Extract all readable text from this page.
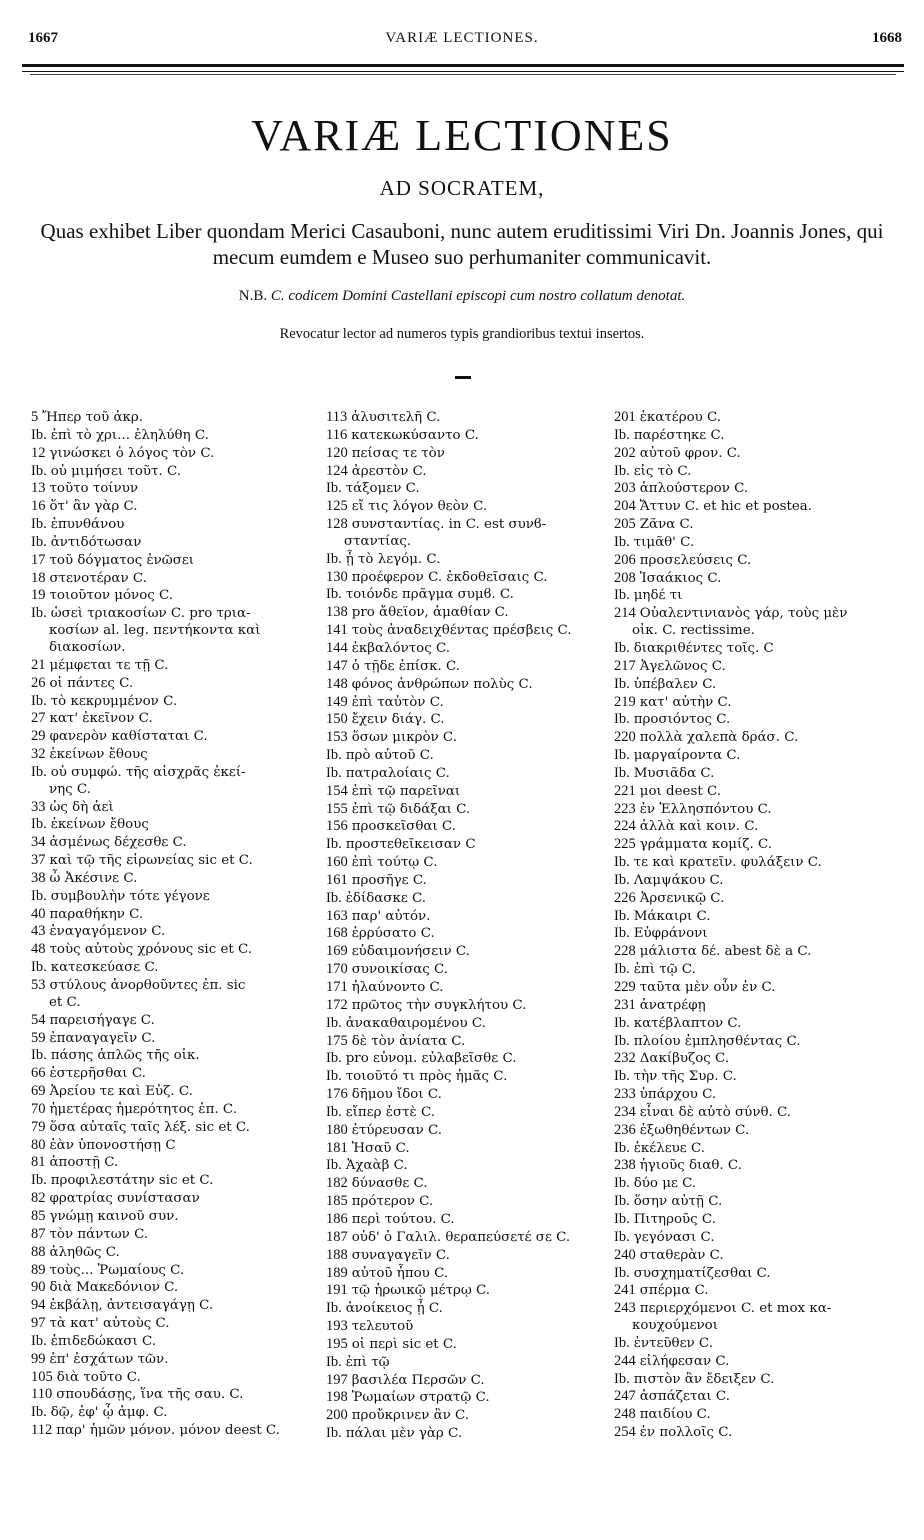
1667	VARIÆ LECTIONES.	1668
VARIÆ LECTIONES
AD SOCRATEM,
Quas exhibet Liber quondam Merici Casauboni, nunc autem eruditissimi Viri Dn. Joannis Jones, qui mecum eumdem e Museo suo perhumaniter communicavit.
N.B. C. codicem Domini Castellani episcopi cum nostro collatum denotat.
Revocatur lector ad numeros typis grandioribus textui insertos.
5 Ἤπερ τοῦ ἀκρ.
Ib. ἐπὶ τὸ χρι... ἐληλύθη C.
12 γινώσκει ὁ λόγος τὸν C.
Ib. οὐ μιμήσει τοῦτ. C.
13 τοῦτο τοίνυν
16 ὅτ' ἂν γὰρ C.
Ib. ἐπυνθάνου
Ib. ἀντιδότωσαν
17 τοῦ δόγματος ἑνῶσει
18 στενοτέραν C.
19 τοιοῦτον μόνος C.
Ib. ὡσεὶ τριακοσίων C. pro τρια-
κοσίων al. leg. πεντήκοντα καὶ
διακοσίων.
21 μέμφεται τε τῇ C.
26 οἱ πάντες C.
Ib. τὸ κεκρυμμένον C.
27 κατ' ἐκεῖνον C.
29 φανερὸν καθίσταται C.
32 ἐκείνων ἔθους
Ib. οὐ συμφώ. τῆς αἰσχρᾶς ἐκεί-
νης C.
33 ὡς δὴ ἀεὶ
Ib. ἐκείνων ἔθους
34 ἀσμένως δέχεσθε C.
37 καὶ τῷ τῆς εἰρωνείας sic et C.
38 ὦ Ἀκέσινε C.
Ib. συμβουλὴν τότε γέγονε
40 παραθήκην C.
43 ἐναγαγόμενον C.
48 τοὺς αὐτοὺς χρόνους sic et C.
Ib. κατεσκεύασε C.
53 στύλους ἀνορθοῦντες ἐπ. sic
et C.
54 παρεισήγαγε C.
59 ἐπαναγαγεῖν C.
Ib. πάσης ἁπλῶς τῆς οἰκ.
66 ἐστερῆσθαι C.
69 Ἀρείου τε καὶ Εὐζ. C.
70 ἡμετέρας ἡμερότητος ἐπ. C.
79 ὅσα αὐταῖς ταῖς λέξ. sic et C.
80 ἐὰν ὑπονοστήσῃ C
81 ἀποστῇ C.
Ib. προφιλεστάτην sic et C.
82 φρατρίας συνίστασαν
85 γνώμῃ καινοῦ συν.
87 τὸν πάντων C.
88 ἀληθῶς C.
89 τοὺς... Ῥωμαίους C.
90 διὰ Μακεδόνιον C.
94 ἐκβάλῃ, ἀντεισαγάγῃ C.
97 τὰ κατ' αὐτοὺς C.
Ib. ἐπιδεδώκασι C.
99 ἐπ' ἐσχάτων τῶν.
105 διὰ τοῦτο C.
110 σπουδάσῃς, ἵνα τῆς σαυ. C.
Ib. δῷ, ἐφ' ᾧ ἀμφ. C.
112 παρ' ἡμῶν μόνον. μόνον deest C.
113 ἀλυσιτελῆ C.
116 κατεκωκύσαντο C.
120 πείσας τε τὸν
124 ἀρεστὸν C.
Ib. τάξομεν C.
125 εἴ τις λόγον θεὸν C.
128 συνσταντίας. in C. est συνϐ-
σταντίας.
Ib. ᾗ τὸ λεγόμ. C.
130 προέφερον C. ἐκδοθεῖσαις C.
Ib. τοιόνδε πρᾶγμα συμϐ. C.
138 pro ἄθεϊον, ἀμαθίαν C.
141 τοὺς ἀναδειχθέντας πρέσβεις C.
144 ἐκβαλόντος C.
147 ὁ τῇδε ἐπίσκ. C.
148 φόνος ἀνθρώπων πολὺς C.
149 ἐπὶ ταὐτὸν C.
150 ἔχειν διάγ. C.
153 ὅσων μικρὸν C.
Ib. πρὸ αὐτοῦ C.
Ib. πατραλοίαις C.
154 ἐπὶ τῷ παρεῖναι
155 ἐπὶ τῷ διδάξαι C.
156 προσκεῖσθαι C.
Ib. προστεθεῖκεισαν C
160 ἐπὶ τούτῳ C.
161 προσῆγε C.
Ib. ἐδίδασκε C.
163 παρ' αὐτόν.
168 ἐρρύσατο C.
169 εὐδαιμονήσειν C.
170 συνοικίσας C.
171 ἠλαύνοντο C.
172 πρῶτος τὴν συγκλήτου C.
Ib. ἀνακαθαιρομένου C.
175 δὲ τὸν ἀνίατα C.
Ib. pro εὐνομ. εὐλαβεῖσθε C.
Ib. τοιοῦτό τι πρὸς ἡμᾶς C.
176 δῆμου ἴδοι C.
Ib. εἴπερ ἐστὲ C.
180 ἐτύρευσαν C.
181 Ἡσαῦ C.
Ib. Ἀχαὰβ C.
182 δύνασθε C.
185 πρότερον C.
186 περὶ τούτου. C.
187 οὐδ' ὁ Γαλιλ. θεραπεύσετέ σε C.
188 συναγαγεῖν C.
189 αὐτοῦ ἧπου C.
191 τῷ ἡρωικῷ μέτρῳ C.
Ib. ἀνοίκειος ᾖ C.
193 τελευτοῦ
195 οἱ περὶ sic et C.
Ib. ἐπὶ τῷ
197 βασιλέα Περσῶν C.
198 Ῥωμαίων στρατῷ C.
200 προὔκρινεν ἂν C.
Ib. πάλαι μὲν γὰρ C.
201 ἑκατέρου C.
Ib. παρέστηκε C.
202 αὐτοῦ φρον. C.
Ib. εἰς τὸ C.
203 ἁπλούστερον C.
204 Ἄττυν C. et hic et postea.
205 Ζᾶνα C.
Ib. τιμᾶθ' C.
206 προσελεύσεις C.
208 Ἰσαάκιος C.
Ib. μηδέ τι
214 Οὐαλεντινιανὸς γάρ, τοὺς μὲν
οἰκ. C. rectissime.
Ib. διακριθέντες τοῖς. C
217 Ἀγελῶνος C.
Ib. ὑπέβαλεν C.
219 κατ' αὐτὴν C.
Ib. προσιόντος C.
220 πολλὰ χαλεπὰ δράσ. C.
Ib. μαργαίροντα C.
Ib. Μυσιᾶδα C.
221 μοι deest C.
223 ἐν Ἑλλησπόντου C.
224 ἀλλὰ καὶ κοιν. C.
225 γράμματα κομίζ. C.
Ib. τε καὶ κρατεῖν. φυλάξειν C.
Ib. Λαμψάκου C.
226 Ἀρσενικῷ C.
Ib. Μάκαιρι C.
Ib. Εὐφράνονι
228 μάλιστα δέ. abest δὲ a C.
Ib. ἐπὶ τῷ C.
229 ταῦτα μὲν οὖν ἐν C.
231 ἀνατρέφῃ
Ib. κατέβλαπτον C.
Ib. πλοίου ἐμπλησθέντας C.
232 Δακίβυζος C.
Ib. τὴν τῆς Συρ. C.
233 ὑπάρχου C.
234 εἶναι δὲ αὐτὸ σύνθ. C.
236 ἐξωθηθέντων C.
Ib. ἐκέλευε C.
238 ἡγιοῦς διαθ. C.
Ib. δύο με C.
Ib. ὅσην αὐτῇ C.
Ib. Πιτηροῦς C.
Ib. γεγόνασι C.
240 σταθερὰν C.
Ib. συσχηματίζεσθαι C.
241 σπέρμα C.
243 περιερχόμενοι C. et mox κα-
κουχούμενοι
Ib. ἐντεῦθεν C.
244 εἰλήφεσαν C.
Ib. πιστὸν ἂν ἔδειξεν C.
247 ἀσπάζεται C.
248 παιδίου C.
254 ἐν πολλοῖς C.
